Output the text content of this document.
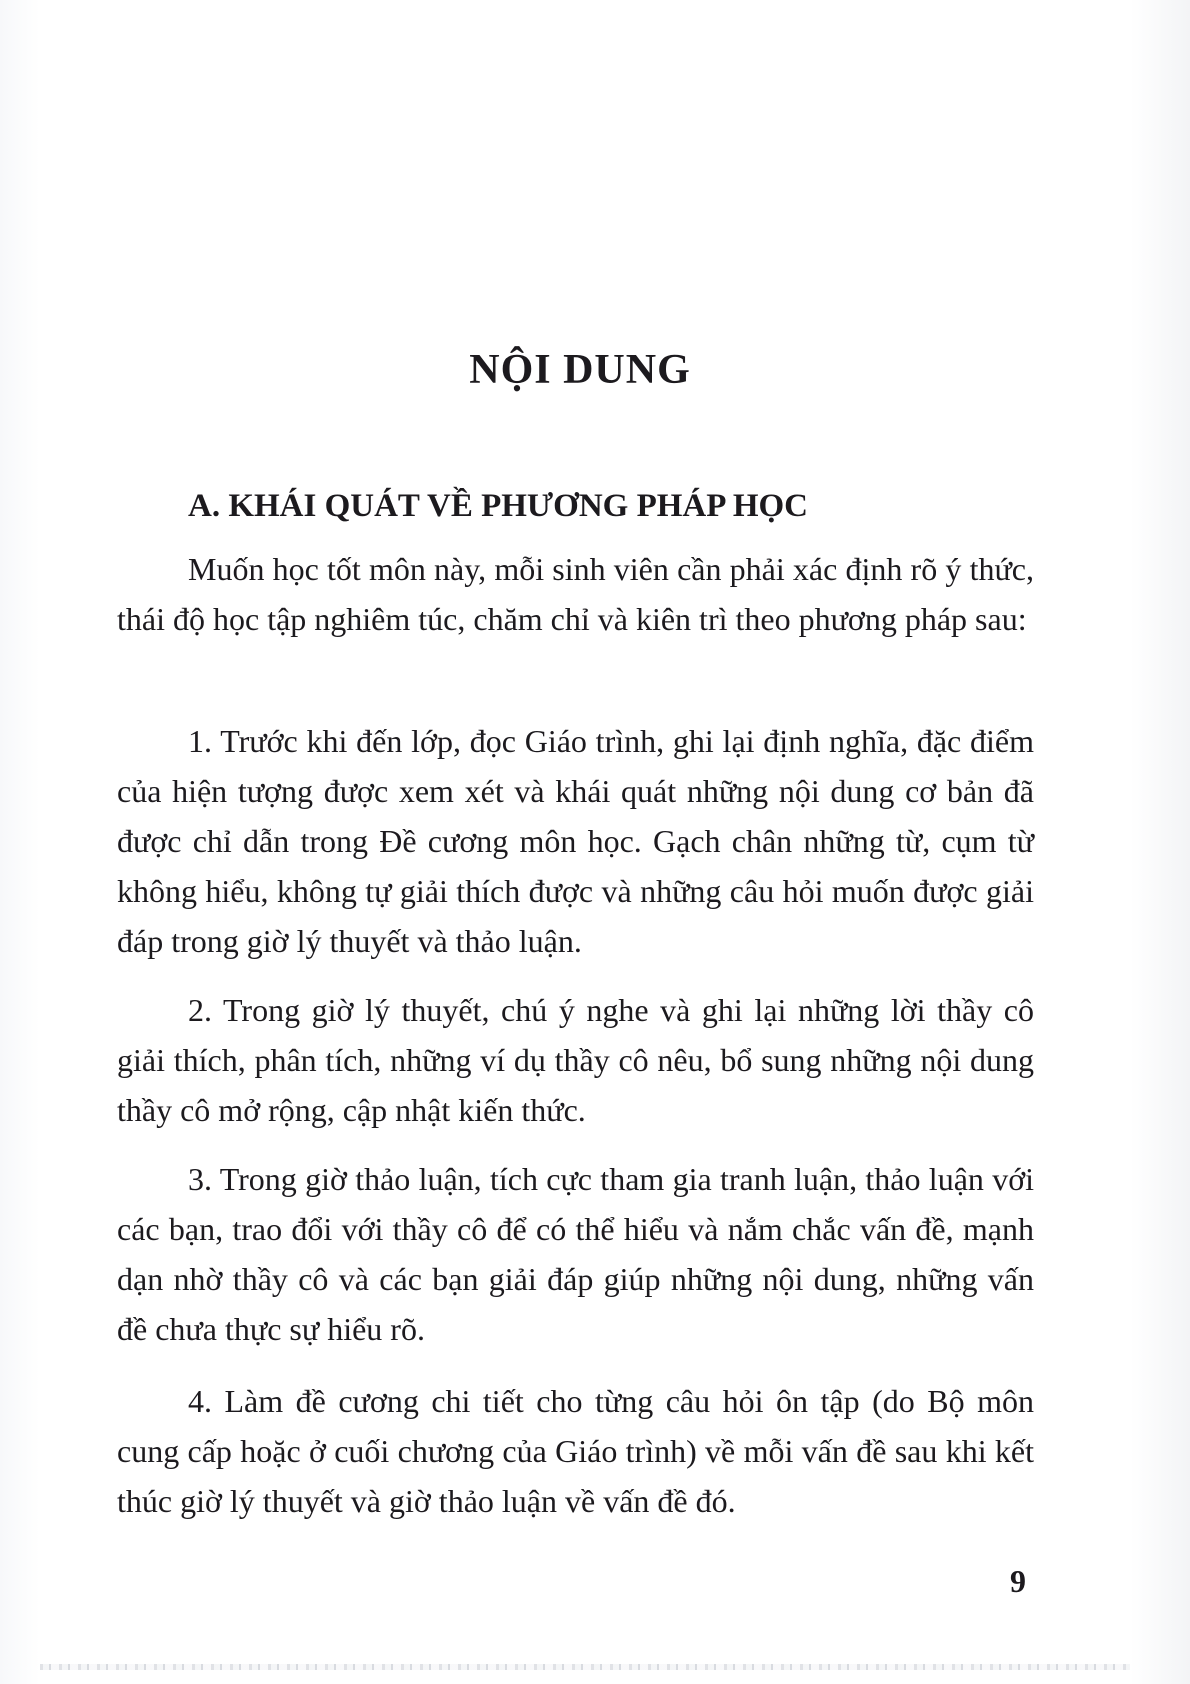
NỘI DUNG
A. KHÁI QUÁT VỀ PHƯƠNG PHÁP HỌC

Muốn học tốt môn này, mỗi sinh viên cần phải xác định rõ ý thức, thái độ học tập nghiêm túc, chăm chỉ và kiên trì theo phương pháp sau:

1. Trước khi đến lớp, đọc Giáo trình, ghi lại định nghĩa, đặc điểm của hiện tượng được xem xét và khái quát những nội dung cơ bản đã được chỉ dẫn trong Đề cương môn học. Gạch chân những từ, cụm từ không hiểu, không tự giải thích được và những câu hỏi muốn được giải đáp trong giờ lý thuyết và thảo luận.

2. Trong giờ lý thuyết, chú ý nghe và ghi lại những lời thầy cô giải thích, phân tích, những ví dụ thầy cô nêu, bổ sung những nội dung thầy cô mở rộng, cập nhật kiến thức.

3. Trong giờ thảo luận, tích cực tham gia tranh luận, thảo luận với các bạn, trao đổi với thầy cô để có thể hiểu và nắm chắc vấn đề, mạnh dạn nhờ thầy cô và các bạn giải đáp giúp những nội dung, những vấn đề chưa thực sự hiểu rõ.

4. Làm đề cương chi tiết cho từng câu hỏi ôn tập (do Bộ môn cung cấp hoặc ở cuối chương của Giáo trình) về mỗi vấn đề sau khi kết thúc giờ lý thuyết và giờ thảo luận về vấn đề đó.

9
